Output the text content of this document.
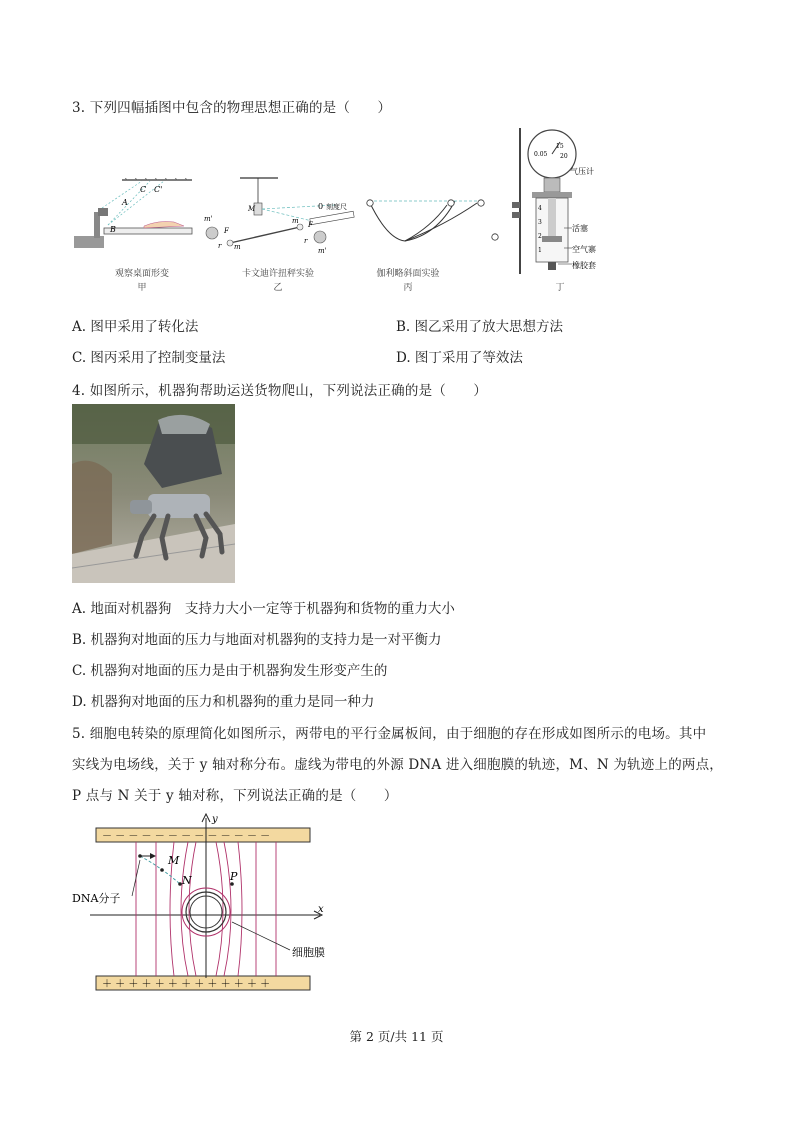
3. 下列四幅插图中包含的物理思想正确的是（　　）
A
B
C C'
观察桌面形变
甲
m'
F
r m
M
F
m
r
m'
刻度尺
0
卡文迪许扭秤实验
乙
伽利略斜面实验
丙
0.05
15
20
4
3
2
1
气压计
活塞
空气寨
橡胶套
丁
A. 图甲采用了转化法	B. 图乙采用了放大思想方法
C. 图丙采用了控制变量法	D. 图丁采用了等效法
4. 如图所示，机器狗帮助运送货物爬山，下列说法正确的是（　　）
A. 地面对机器狗　支持力大小一定等于机器狗和货物的重力大小
B. 机器狗对地面的压力与地面对机器狗的支持力是一对平衡力
C. 机器狗对地面的压力是由于机器狗发生形变产生的
D. 机器狗对地面的压力和机器狗的重力是同一种力
5. 细胞电转染的原理简化如图所示，两带电的平行金属板间，由于细胞的存在形成如图所示的电场。其中
实线为电场线，关于 y 轴对称分布。虚线为带电的外源 DNA 进入细胞膜的轨迹，M、N 为轨迹上的两点，
P 点与 N 关于 y 轴对称，下列说法正确的是（　　）
－ － － － － － － － － － － － －
＋ ＋ ＋ ＋ ＋ ＋ ＋ ＋ ＋ ＋ ＋ ＋ ＋
y
x
M
N	P
DNA分子
细胞膜
第 2 页/共 11 页
